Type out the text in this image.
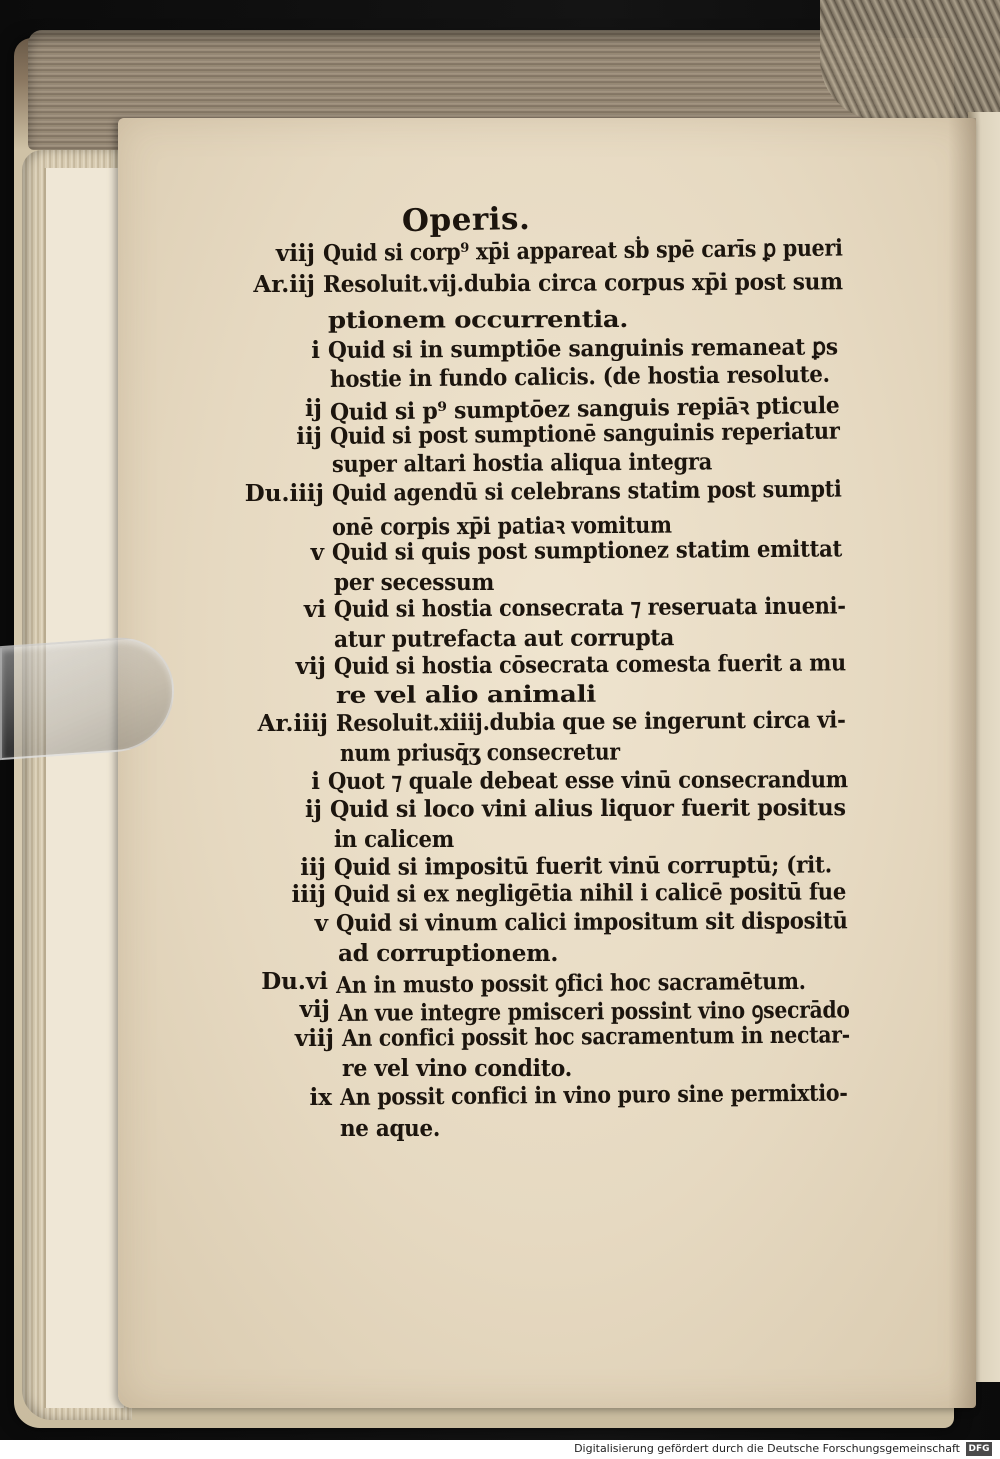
Operis.
viij Quid si corp⁹ xp̄i appareat sḃ spē carīs ꝑ pueri
Ar.iij Resoluit.vij.dubia circa corpus xp̄i post sum
ptionem occurrentia.
i Quid si in sumptiōe sanguinis remaneat ꝑs
hostie in fundo calicis. (de hostia resolute.
ij Quid si p⁹ sumptōez sanguis repiāꝛ pticule
iij Quid si post sumptionē sanguinis reperiatur
super altari hostia aliqua integra
Du.iiij Quid agendū si celebrans statim post sumpti
onē corpis xp̄i patiaꝛ vomitum
v Quid si quis post sumptionez statim emittat
per secessum
vi Quid si hostia consecrata ⁊ reseruata inueni-
atur putrefacta aut corrupta
vij Quid si hostia cōsecrata comesta fuerit a mu
re vel alio animali
Ar.iiij Resoluit.xiiij.dubia que se ingerunt circa vi-
num priusq̄ʒ consecretur
i Quot ⁊ quale debeat esse vinū consecrandum
ij Quid si loco vini alius liquor fuerit positus
in calicem
iij Quid si impositū fuerit vinū corruptū; (rit.
iiij Quid si ex negligētia nihil i calicē positū fue
v Quid si vinum calici impositum sit dispositū
ad corruptionem.
Du.vi An in musto possit ꝯfici hoc sacramētum.
vij An vue integre pmisceri possint vino ꝯsecrādo
viij An confici possit hoc sacramentum in nectar-
re vel vino condito.
ix An possit confici in vino puro sine permixtio-
ne aque.
Digitalisierung gefördert durch die Deutsche Forschungsgemeinschaft DFG
